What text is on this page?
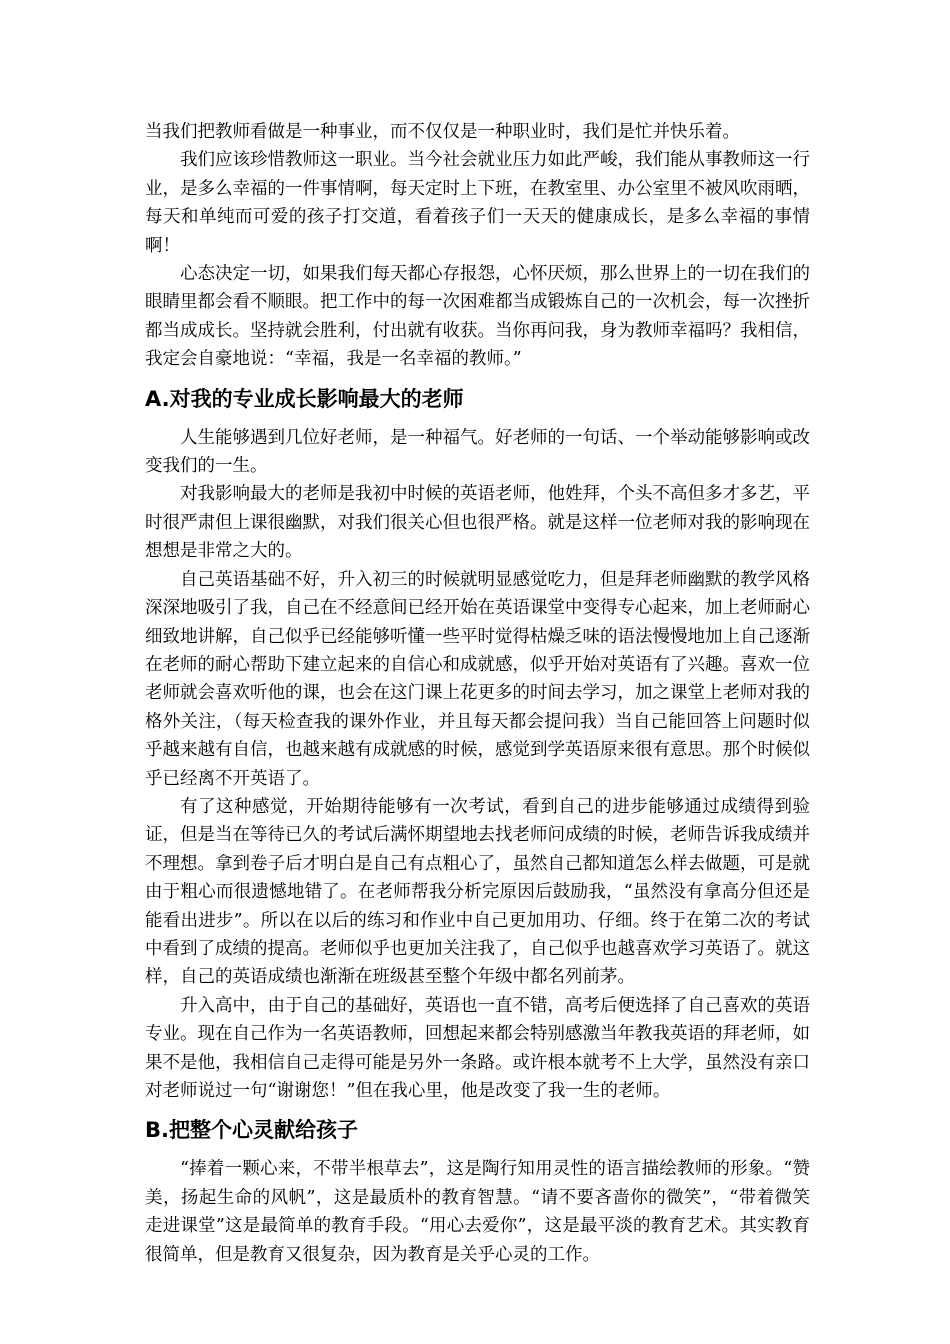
当我们把教师看做是一种事业，而不仅仅是一种职业时，我们是忙并快乐着。

我们应该珍惜教师这一职业。当今社会就业压力如此严峻，我们能从事教师这一行业，是多么幸福的一件事情啊，每天定时上下班，在教室里、办公室里不被风吹雨晒，每天和单纯而可爱的孩子打交道，看着孩子们一天天的健康成长，是多么幸福的事情啊！

心态决定一切，如果我们每天都心存报怨，心怀厌烦，那么世界上的一切在我们的眼睛里都会看不顺眼。把工作中的每一次困难都当成锻炼自己的一次机会，每一次挫折都当成成长。坚持就会胜利，付出就有收获。当你再问我，身为教师幸福吗？我相信，我定会自豪地说：“幸福，我是一名幸福的教师。”

A.对我的专业成长影响最大的老师

人生能够遇到几位好老师，是一种福气。好老师的一句话、一个举动能够影响或改变我们的一生。

对我影响最大的老师是我初中时候的英语老师，他姓拜，个头不高但多才多艺，平时很严肃但上课很幽默，对我们很关心但也很严格。就是这样一位老师对我的影响现在想想是非常之大的。

自己英语基础不好，升入初三的时候就明显感觉吃力，但是拜老师幽默的教学风格深深地吸引了我，自己在不经意间已经开始在英语课堂中变得专心起来，加上老师耐心细致地讲解，自己似乎已经能够听懂一些平时觉得枯燥乏味的语法慢慢地加上自己逐渐在老师的耐心帮助下建立起来的自信心和成就感，似乎开始对英语有了兴趣。喜欢一位老师就会喜欢听他的课，也会在这门课上花更多的时间去学习，加之课堂上老师对我的格外关注，（每天检查我的课外作业，并且每天都会提问我）当自己能回答上问题时似乎越来越有自信，也越来越有成就感的时候，感觉到学英语原来很有意思。那个时候似乎已经离不开英语了。

有了这种感觉，开始期待能够有一次考试，看到自己的进步能够通过成绩得到验证，但是当在等待已久的考试后满怀期望地去找老师问成绩的时候，老师告诉我成绩并不理想。拿到卷子后才明白是自己有点粗心了，虽然自己都知道怎么样去做题，可是就由于粗心而很遗憾地错了。在老师帮我分析完原因后鼓励我，“虽然没有拿高分但还是能看出进步”。所以在以后的练习和作业中自己更加用功、仔细。终于在第二次的考试中看到了成绩的提高。老师似乎也更加关注我了，自己似乎也越喜欢学习英语了。就这样，自己的英语成绩也渐渐在班级甚至整个年级中都名列前茅。

升入高中，由于自己的基础好，英语也一直不错，高考后便选择了自己喜欢的英语专业。现在自己作为一名英语教师，回想起来都会特别感激当年教我英语的拜老师，如果不是他，我相信自己走得可能是另外一条路。或许根本就考不上大学，虽然没有亲口对老师说过一句“谢谢您！”但在我心里，他是改变了我一生的老师。

B.把整个心灵献给孩子

“捧着一颗心来，不带半根草去”，这是陶行知用灵性的语言描绘教师的形象。“赞美，扬起生命的风帆”，这是最质朴的教育智慧。“请不要吝啬你的微笑”，“带着微笑走进课堂”这是最简单的教育手段。“用心去爱你”，这是最平淡的教育艺术。其实教育很简单，但是教育又很复杂，因为教育是关乎心灵的工作。
